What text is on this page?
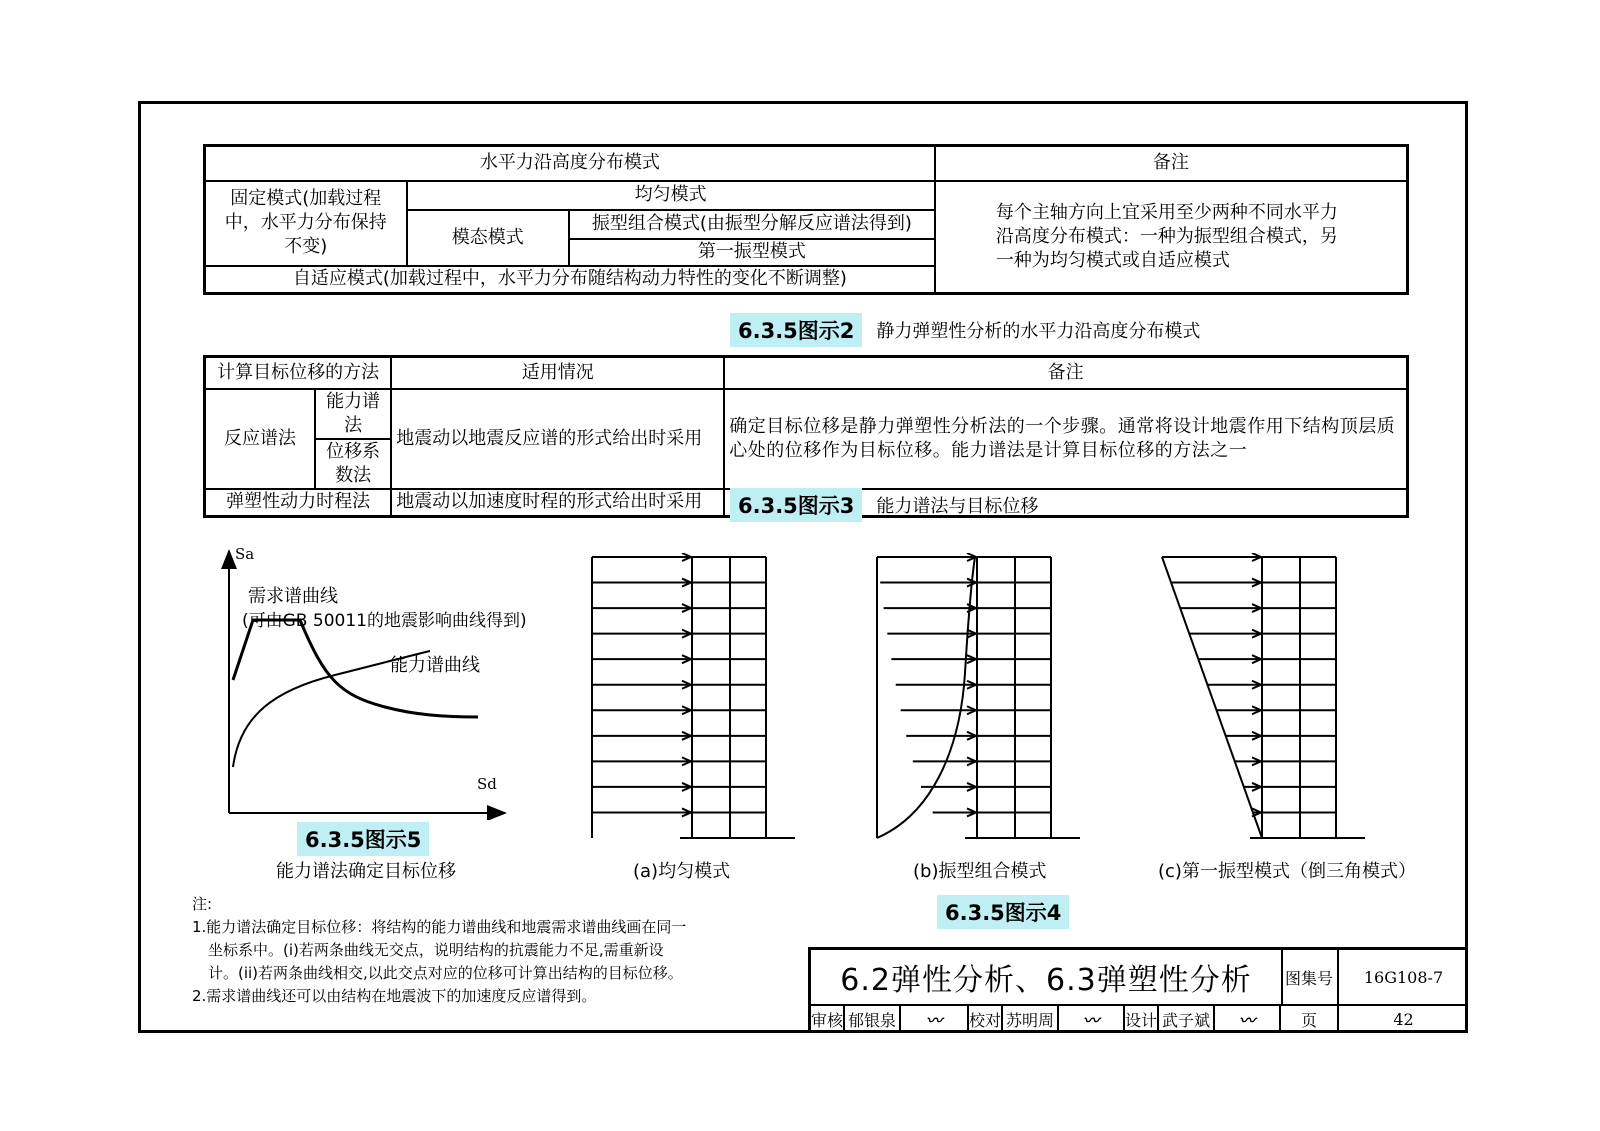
水平力沿高度分布模式			备注
固定模式(加载过程中，水平力分布保持不变)	均匀模式		每个主轴方向上宜采用至少两种不同水平力沿高度分布模式：一种为振型组合模式，另一种为均匀模式或自适应模式
	模态模式	振型组合模式(由振型分解反应谱法得到)	
		第一振型模式	
自适应模式(加载过程中，水平力分布随结构动力特性的变化不断调整)			
6.3.5图示2	静力弹塑性分析的水平力沿高度分布模式
计算目标位移的方法		适用情况	备注
反应谱法	能力谱法	地震动以地震反应谱的形式给出时采用	确定目标位移是静力弹塑性分析法的一个步骤。通常将设计地震作用下结构顶层质心处的位移作为目标位移。能力谱法是计算目标位移的方法之一
	位移系数法		
弹塑性动力时程法		地震动以加速度时程的形式给出时采用		6.3.5图示3	能力谱法与目标位移
Sa
Sd
需求谱曲线
(可由GB 50011的地震影响曲线得到)
能力谱曲线
6.3.5图示5
能力谱法确定目标位移	(a)均匀模式	(b)振型组合模式	(c)第一振型模式（倒三角模式）
6.3.5图示4

注:

1.能力谱法确定目标位移：将结构的能力谱曲线和地震需求谱曲线画在同一

坐标系中。(i)若两条曲线无交点，说明结构的抗震能力不足,需重新设

计。(ii)若两条曲线相交,以此交点对应的位移可计算出结构的目标位移。

2.需求谱曲线还可以由结构在地震波下的加速度反应谱得到。	6.2弹性分析、6.3弹塑性分析	图集号	16G108-7
审核 郁银泉	〰	校对 苏明周	〰	设计 武子斌	〰	页	42
